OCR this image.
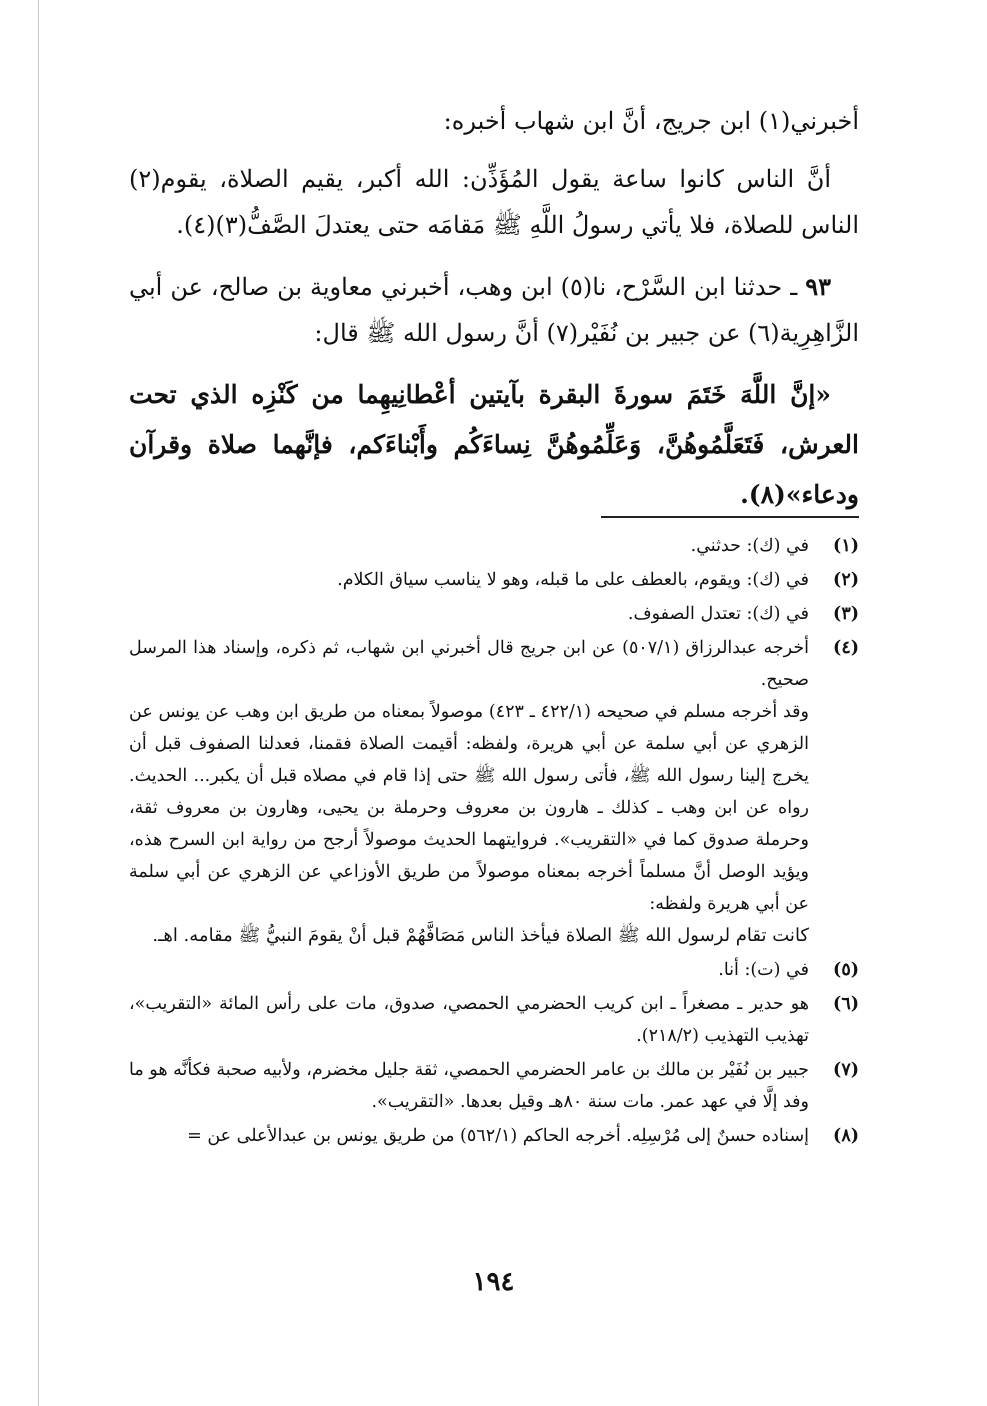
أخبرني(١) ابن جريج، أنَّ ابن شهاب أخبره:

أنَّ الناس كانوا ساعة يقول المُؤَذِّن: الله أكبر، يقيم الصلاة، يقوم(٢) الناس للصلاة، فلا يأتي رسولُ اللَّهِ ﷺ مَقامَه حتى يعتدلَ الصَّفُّ(٣)(٤).

٩٣ ـ حدثنا ابن السَّرْح، نا(٥) ابن وهب، أخبرني معاوية بن صالح، عن أبي الزَّاهِرِية(٦) عن جبير بن نُفَيْر(٧) أنَّ رسول الله ﷺ قال:

«إنَّ اللَّهَ خَتَمَ سورةَ البقرة بآيتين أعْطانِيهِما من كَنْزِه الذي تحت العرش، فَتَعَلَّمُوهُنَّ، وَعَلِّمُوهُنَّ نِساءَكُم وأَبْناءَكم، فإنَّهما صلاة وقرآن ودعاء»(٨).

(١)
في (ك): حدثني.
(٢)
في (ك): ويقوم، بالعطف على ما قبله، وهو لا يناسب سياق الكلام.
(٣)
في (ك): تعتدل الصفوف.
(٤)

أخرجه عبدالرزاق (٥٠٧/١) عن ابن جريج قال أخبرني ابن شهاب، ثم ذكره، وإسناد هذا المرسل صحيح.

وقد أخرجه مسلم في صحيحه (٤٢٢/١ ـ ٤٢٣) موصولاً بمعناه من طريق ابن وهب عن يونس عن الزهري عن أبي سلمة عن أبي هريرة، ولفظه: أقيمت الصلاة فقمنا، فعدلنا الصفوف قبل أن يخرج إلينا رسول الله ﷺ، فأتى رسول الله ﷺ حتى إذا قام في مصلاه قبل أن يكبر... الحديث. رواه عن ابن وهب ـ كذلك ـ هارون بن معروف وحرملة بن يحيى، وهارون بن معروف ثقة، وحرملة صدوق كما في «التقريب». فروايتهما الحديث موصولاً أرجح من رواية ابن السرح هذه، ويؤيد الوصل أنَّ مسلماً أخرجه بمعناه موصولاً من طريق الأوزاعي عن الزهري عن أبي سلمة عن أبي هريرة ولفظه:

كانت تقام لرسول الله ﷺ الصلاة فيأخذ الناس مَصَافَّهُمْ قبل أنْ يقومَ النبيُّ ﷺ مقامه. اهـ.

(٥)
في (ت): أنا.
(٦)
هو حدير ـ مصغراً ـ ابن كريب الحضرمي الحمصي، صدوق، مات على رأس المائة «التقريب»، تهذيب التهذيب (٢١٨/٢).
(٧)
جبير بن نُفَيْر بن مالك بن عامر الحضرمي الحمصي، ثقة جليل مخضرم، ولأبيه صحبة فكأنَّه هو ما وفد إلَّا في عهد عمر. مات سنة ٨٠هـ وقيل بعدها. «التقريب».
(٨)
إسناده حسنٌ إلى مُرْسِلِه. أخرجه الحاكم (٥٦٢/١) من طريق يونس بن عبدالأعلى عن =
١٩٤
